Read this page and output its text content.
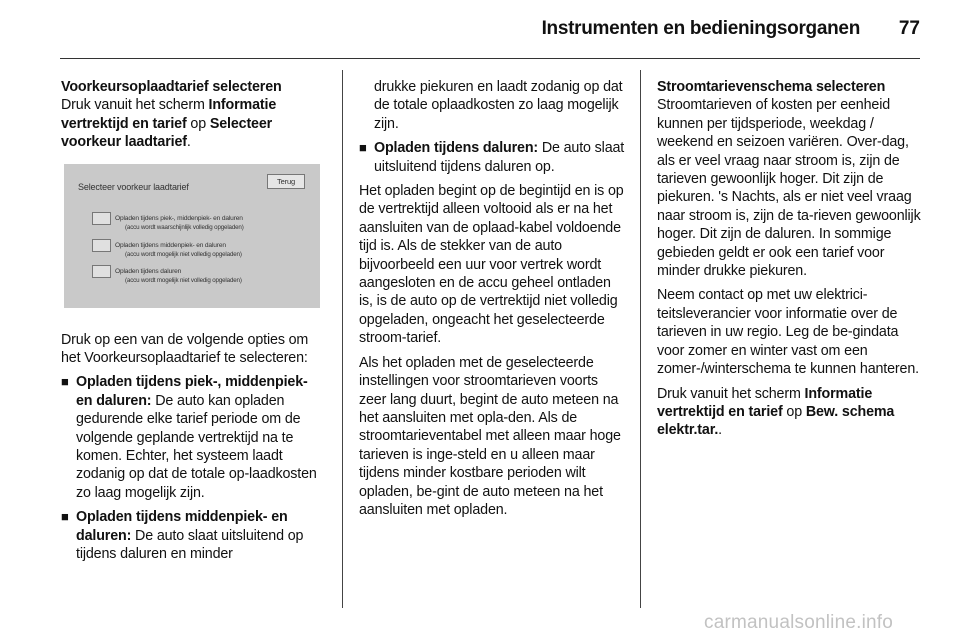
Instrumenten en bedieningsorganen	77
Voorkeursoplaadtarief selecteren

Druk vanuit het scherm Informatie vertrektijd en tarief op Selecteer voorkeur laadtarief.

Selecteer voorkeur laadtarief
Terug
Opladen tijdens piek-, middenpiek- en daluren
(accu wordt waarschijnlijk volledig opgeladen)
Opladen tijdens middenpiek- en daluren
(accu wordt mogelijk niet volledig opgeladen)
Opladen tijdens daluren
(accu wordt mogelijk niet volledig opgeladen)

Druk op een van de volgende opties om het Voorkeursoplaadtarief te selecteren:

■ Opladen tijdens piek-, middenpiek- en daluren: De auto kan opladen gedurende elke tarief periode om de volgende geplande vertrektijd na te komen. Echter, het systeem laadt zodanig op dat de totale op-laadkosten zo laag mogelijk zijn.
■ Opladen tijdens middenpiek- en daluren: De auto slaat uitsluitend op tijdens daluren en minder
drukke piekuren en laadt zodanig op dat de totale oplaadkosten zo laag mogelijk zijn.
■ Opladen tijdens daluren: De auto slaat uitsluitend tijdens daluren op.

Het opladen begint op de begintijd en is op de vertrektijd alleen voltooid als er na het aansluiten van de oplaad-kabel voldoende tijd is. Als de stekker van de auto bijvoorbeeld een uur voor vertrek wordt aangesloten en de accu geheel ontladen is, is de auto op de vertrektijd niet volledig opgeladen, ongeacht het geselecteerde stroom-tarief.

Als het opladen met de geselecteerde instellingen voor stroomtarieven voorts zeer lang duurt, begint de auto meteen na het aansluiten met opla-den. Als de stroomtarieventabel met alleen maar hoge tarieven is inge-steld en u alleen maar tijdens minder kostbare perioden wilt opladen, be-gint de auto meteen na het aansluiten met opladen.

Stroomtarievenschema selecteren

Stroomtarieven of kosten per eenheid kunnen per tijdsperiode, weekdag / weekend en seizoen variëren. Over-dag, als er veel vraag naar stroom is, zijn de tarieven gewoonlijk hoger. Dit zijn de piekuren. 's Nachts, als er niet veel vraag naar stroom is, zijn de ta-rieven gewoonlijk hoger. Dit zijn de daluren. In sommige gebieden geldt er ook een tarief voor minder drukke piekuren.

Neem contact op met uw elektrici-teitsleverancier voor informatie over de tarieven in uw regio. Leg de be-gindata voor zomer en winter vast om een zomer-/winterschema te kunnen hanteren.

Druk vanuit het scherm Informatie vertrektijd en tarief op Bew. schema elektr.tar..

carmanualsonline.info
